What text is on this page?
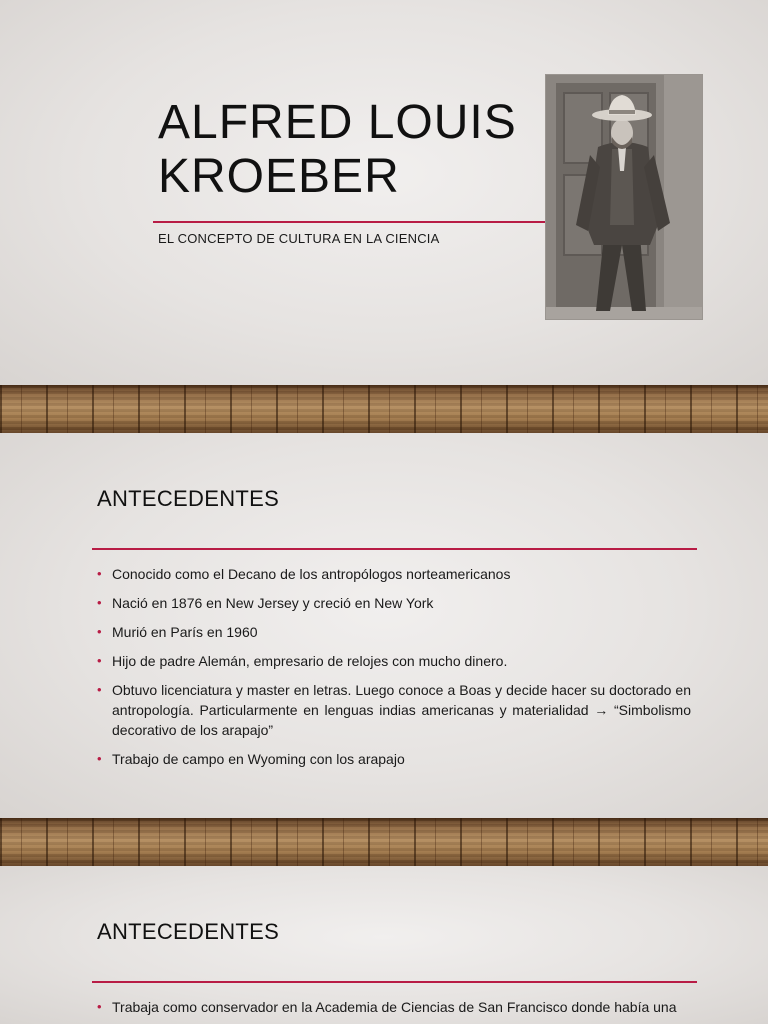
ALFRED LOUIS
KROEBER
EL CONCEPTO DE CULTURA EN LA CIENCIA
ANTECEDENTES
• Conocido como el Decano de los antropólogos norteamericanos
• Nació en 1876 en New Jersey y creció en New York
• Murió en París en 1960
• Hijo de padre Alemán, empresario de relojes con mucho dinero.
• Obtuvo licenciatura y master en letras. Luego conoce a Boas y decide hacer su doctorado en antropología. Particularmente en lenguas indias americanas y materialidad → “Simbolismo decorativo de los arapajo”
• Trabajo de campo en Wyoming con los arapajo
ANTECEDENTES
• Trabaja como conservador en la Academia de Ciencias de San Francisco donde había una
